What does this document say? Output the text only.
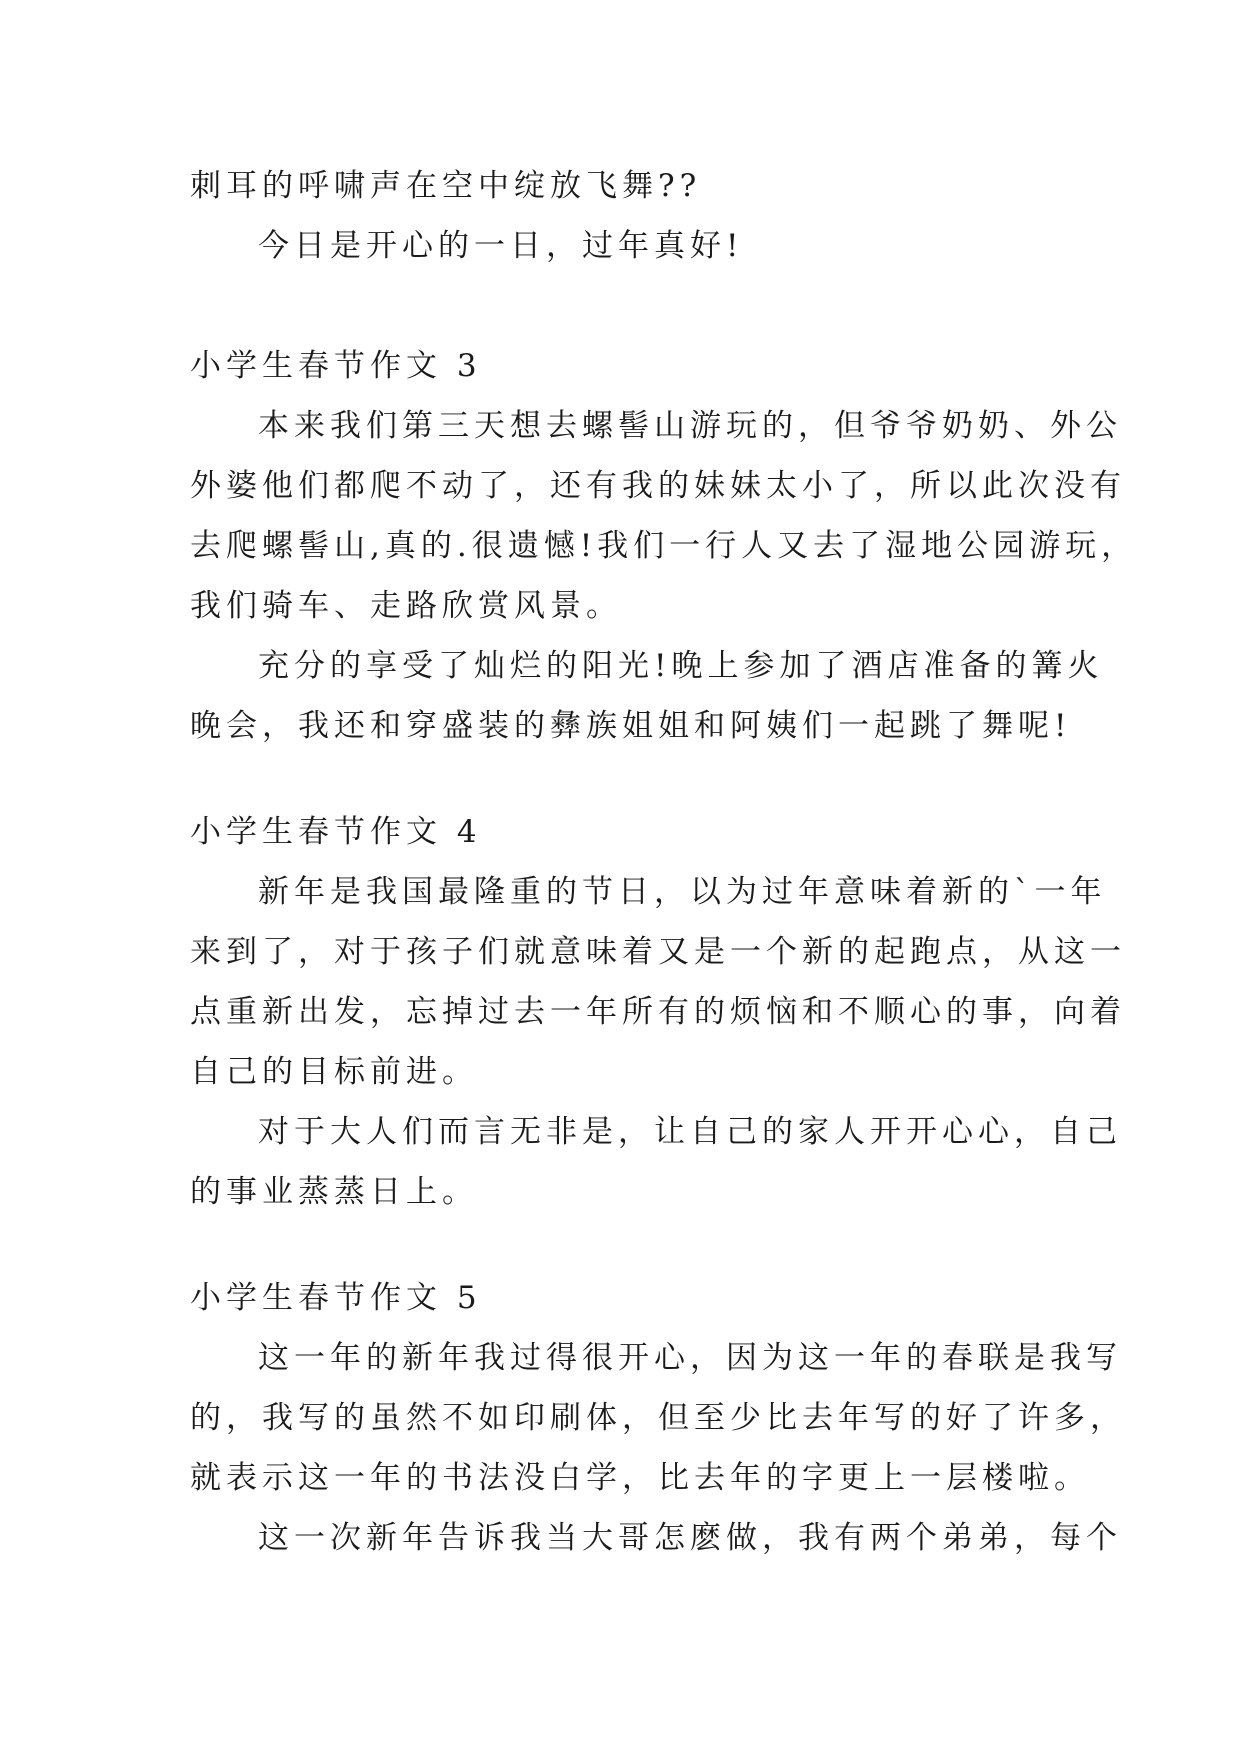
刺耳的呼啸声在空中绽放飞舞??
今日是开心的一日，过年真好!
小学生春节作文 3
本来我们第三天想去螺髻山游玩的，但爷爷奶奶、外公
外婆他们都爬不动了，还有我的妹妹太小了，所以此次没有
去爬螺髻山,真的.很遗憾!我们一行人又去了湿地公园游玩，
我们骑车、走路欣赏风景。
充分的享受了灿烂的阳光!晚上参加了酒店准备的篝火
晚会，我还和穿盛装的彝族姐姐和阿姨们一起跳了舞呢!
小学生春节作文 4
新年是我国最隆重的节日，以为过年意味着新的`一年
来到了，对于孩子们就意味着又是一个新的起跑点，从这一
点重新出发，忘掉过去一年所有的烦恼和不顺心的事，向着
自己的目标前进。
对于大人们而言无非是，让自己的家人开开心心，自己
的事业蒸蒸日上。
小学生春节作文 5
这一年的新年我过得很开心，因为这一年的春联是我写
的，我写的虽然不如印刷体，但至少比去年写的好了许多，
就表示这一年的书法没白学，比去年的字更上一层楼啦。
这一次新年告诉我当大哥怎麽做，我有两个弟弟，每个
